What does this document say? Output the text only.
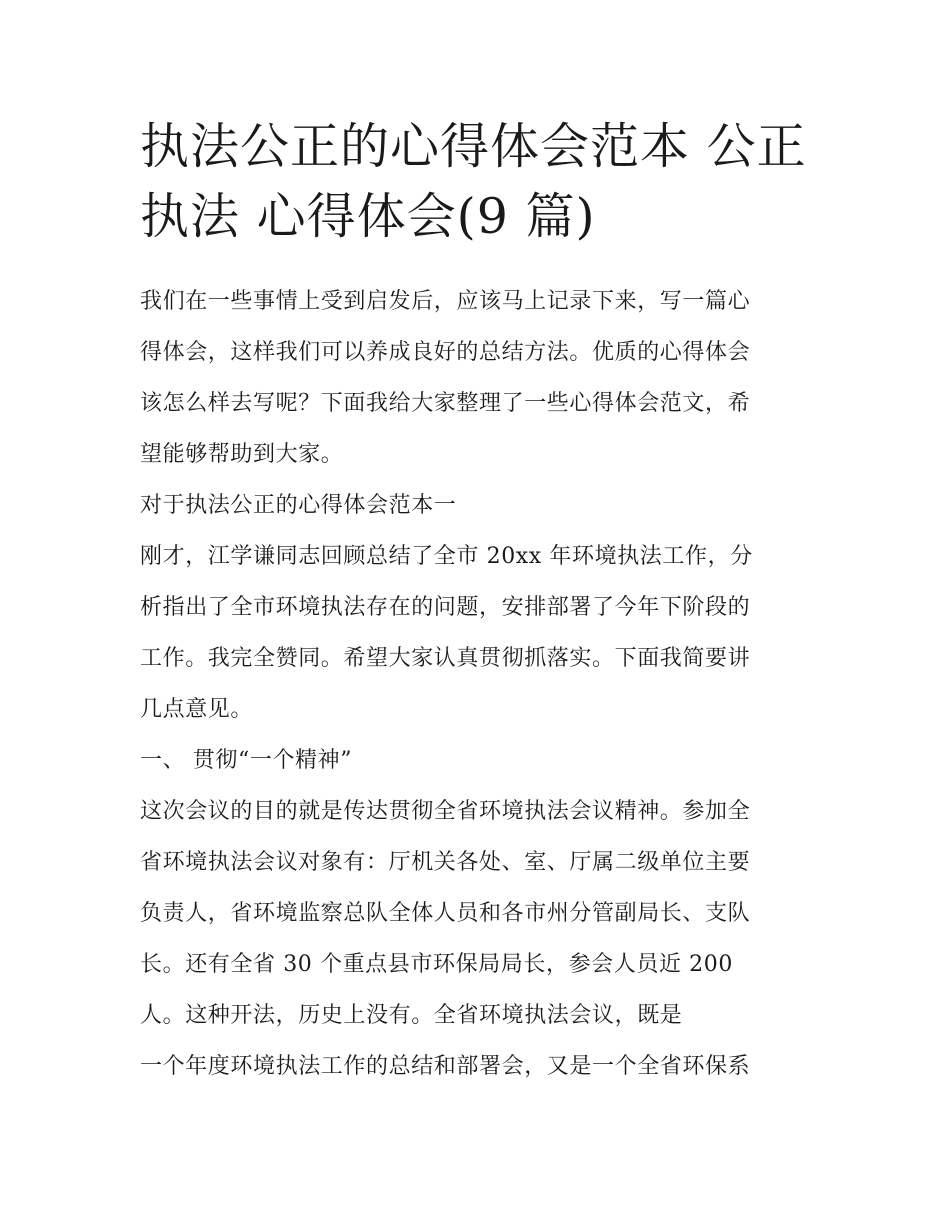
执法公正的心得体会范本 公正
执法 心得体会(9 篇)
我们在一些事情上受到启发后，应该马上记录下来，写一篇心
得体会，这样我们可以养成良好的总结方法。优质的心得体会
该怎么样去写呢？下面我给大家整理了一些心得体会范文，希
望能够帮助到大家。
对于执法公正的心得体会范本一
刚才，江学谦同志回顾总结了全市 20xx 年环境执法工作，分
析指出了全市环境执法存在的问题，安排部署了今年下阶段的
工作。我完全赞同。希望大家认真贯彻抓落实。下面我简要讲
几点意见。
一、 贯彻“一个精神”
这次会议的目的就是传达贯彻全省环境执法会议精神。参加全
省环境执法会议对象有：厅机关各处、室、厅属二级单位主要
负责人，省环境监察总队全体人员和各市州分管副局长、支队
长。还有全省 30 个重点县市环保局局长，参会人员近 200
人。这种开法，历史上没有。全省环境执法会议，既是
一个年度环境执法工作的总结和部署会，又是一个全省环保系
